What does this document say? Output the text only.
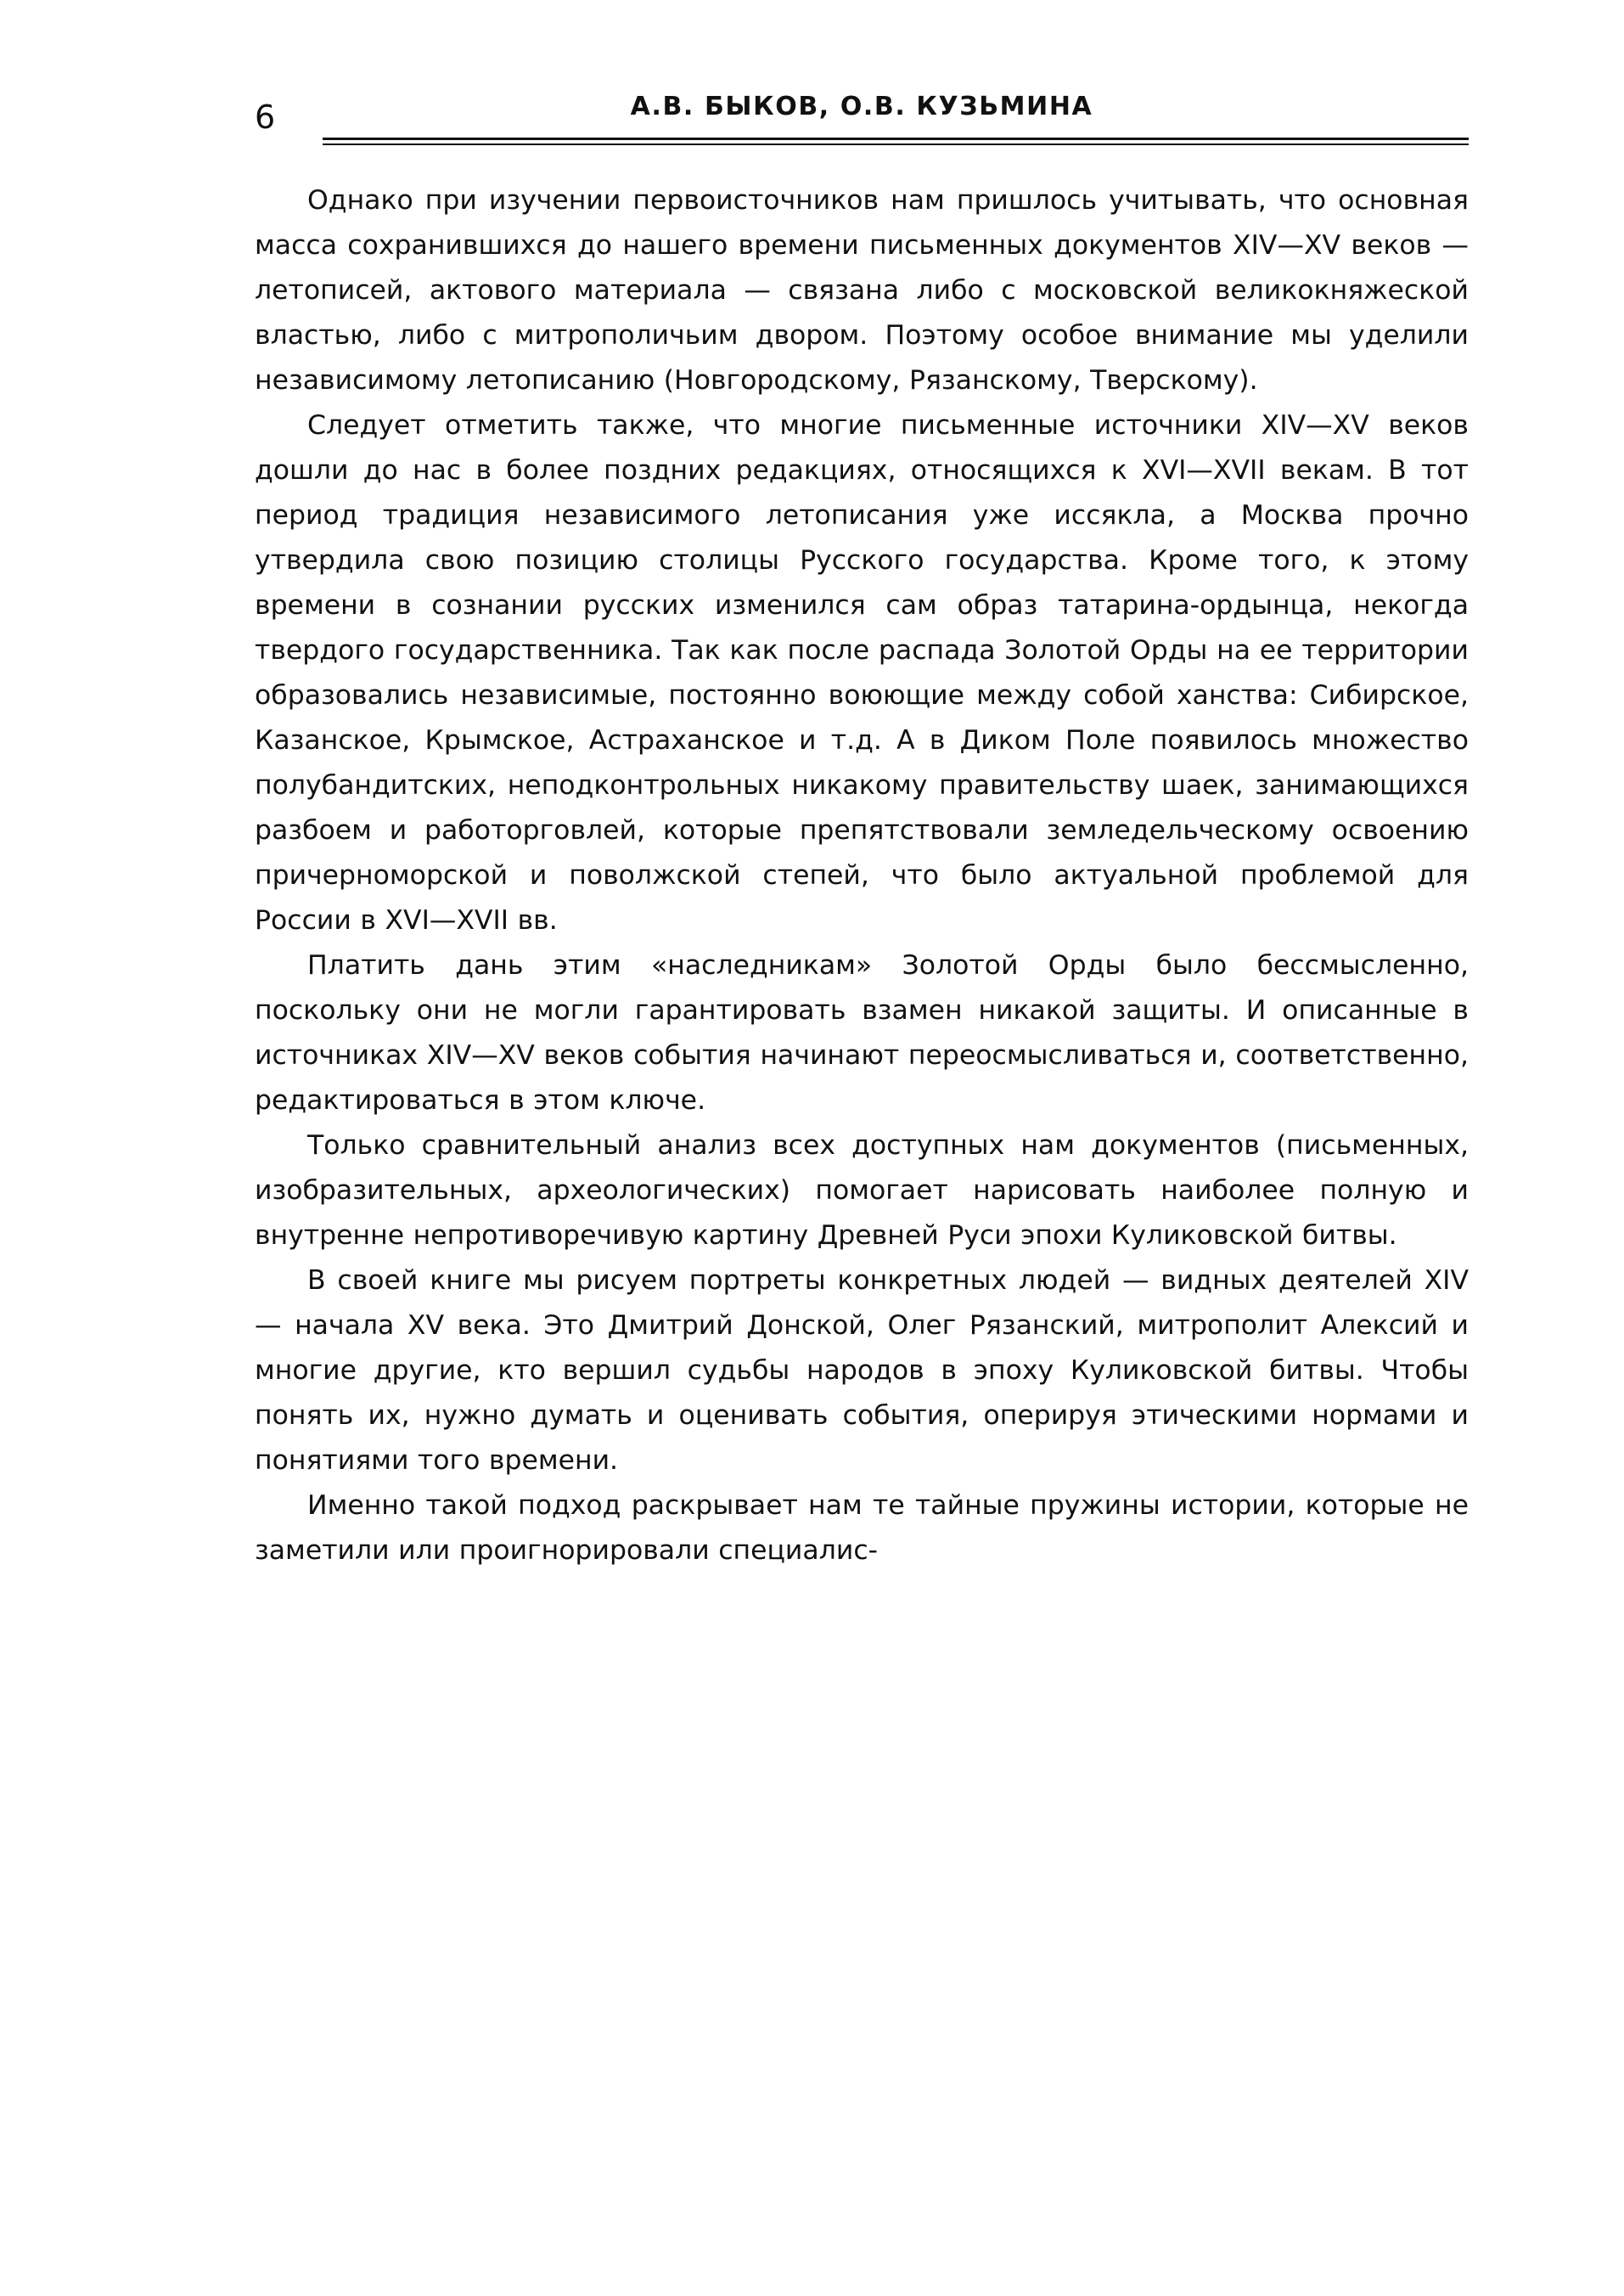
6	А.В. БЫКОВ, О.В. КУЗЬМИНА

Однако при изучении первоисточников нам пришлось учитывать, что основная масса сохранившихся до нашего времени письменных документов XIV—XV веков — летописей, актового материала — связана либо с московской великокняжеской властью, либо с митрополичьим двором. Поэтому особое внимание мы уделили независимому летописанию (Новгородскому, Рязанскому, Тверскому).

Следует отметить также, что многие письменные источники XIV—XV веков дошли до нас в более поздних редакциях, относящихся к XVI—XVII векам. В тот период традиция независимого летописания уже иссякла, а Москва прочно утвердила свою позицию столицы Русского государства. Кроме того, к этому времени в сознании русских изменился сам образ татарина-ордынца, некогда твердого государственника. Так как после распада Золотой Орды на ее территории образовались независимые, постоянно воюющие между собой ханства: Сибирское, Казанское, Крымское, Астраханское и т.д. А в Диком Поле появилось множество полубандитских, неподконтрольных никакому правительству шаек, занимающихся разбоем и работорговлей, которые препятствовали земледельческому освоению причерноморской и поволжской степей, что было актуальной проблемой для России в XVI—XVII вв.

Платить дань этим «наследникам» Золотой Орды было бессмысленно, поскольку они не могли гарантировать взамен никакой защиты. И описанные в источниках XIV—XV веков события начинают переосмысливаться и, соответственно, редактироваться в этом ключе.

Только сравнительный анализ всех доступных нам документов (письменных, изобразительных, археологических) помогает нарисовать наиболее полную и внутренне непротиворечивую картину Древней Руси эпохи Куликовской битвы.

В своей книге мы рисуем портреты конкретных людей — видных деятелей XIV — начала XV века. Это Дмитрий Донской, Олег Рязанский, митрополит Алексий и многие другие, кто вершил судьбы народов в эпоху Куликовской битвы. Чтобы понять их, нужно думать и оценивать события, оперируя этическими нормами и понятиями того времени.

Именно такой подход раскрывает нам те тайные пружины истории, которые не заметили или проигнорировали специалис-
